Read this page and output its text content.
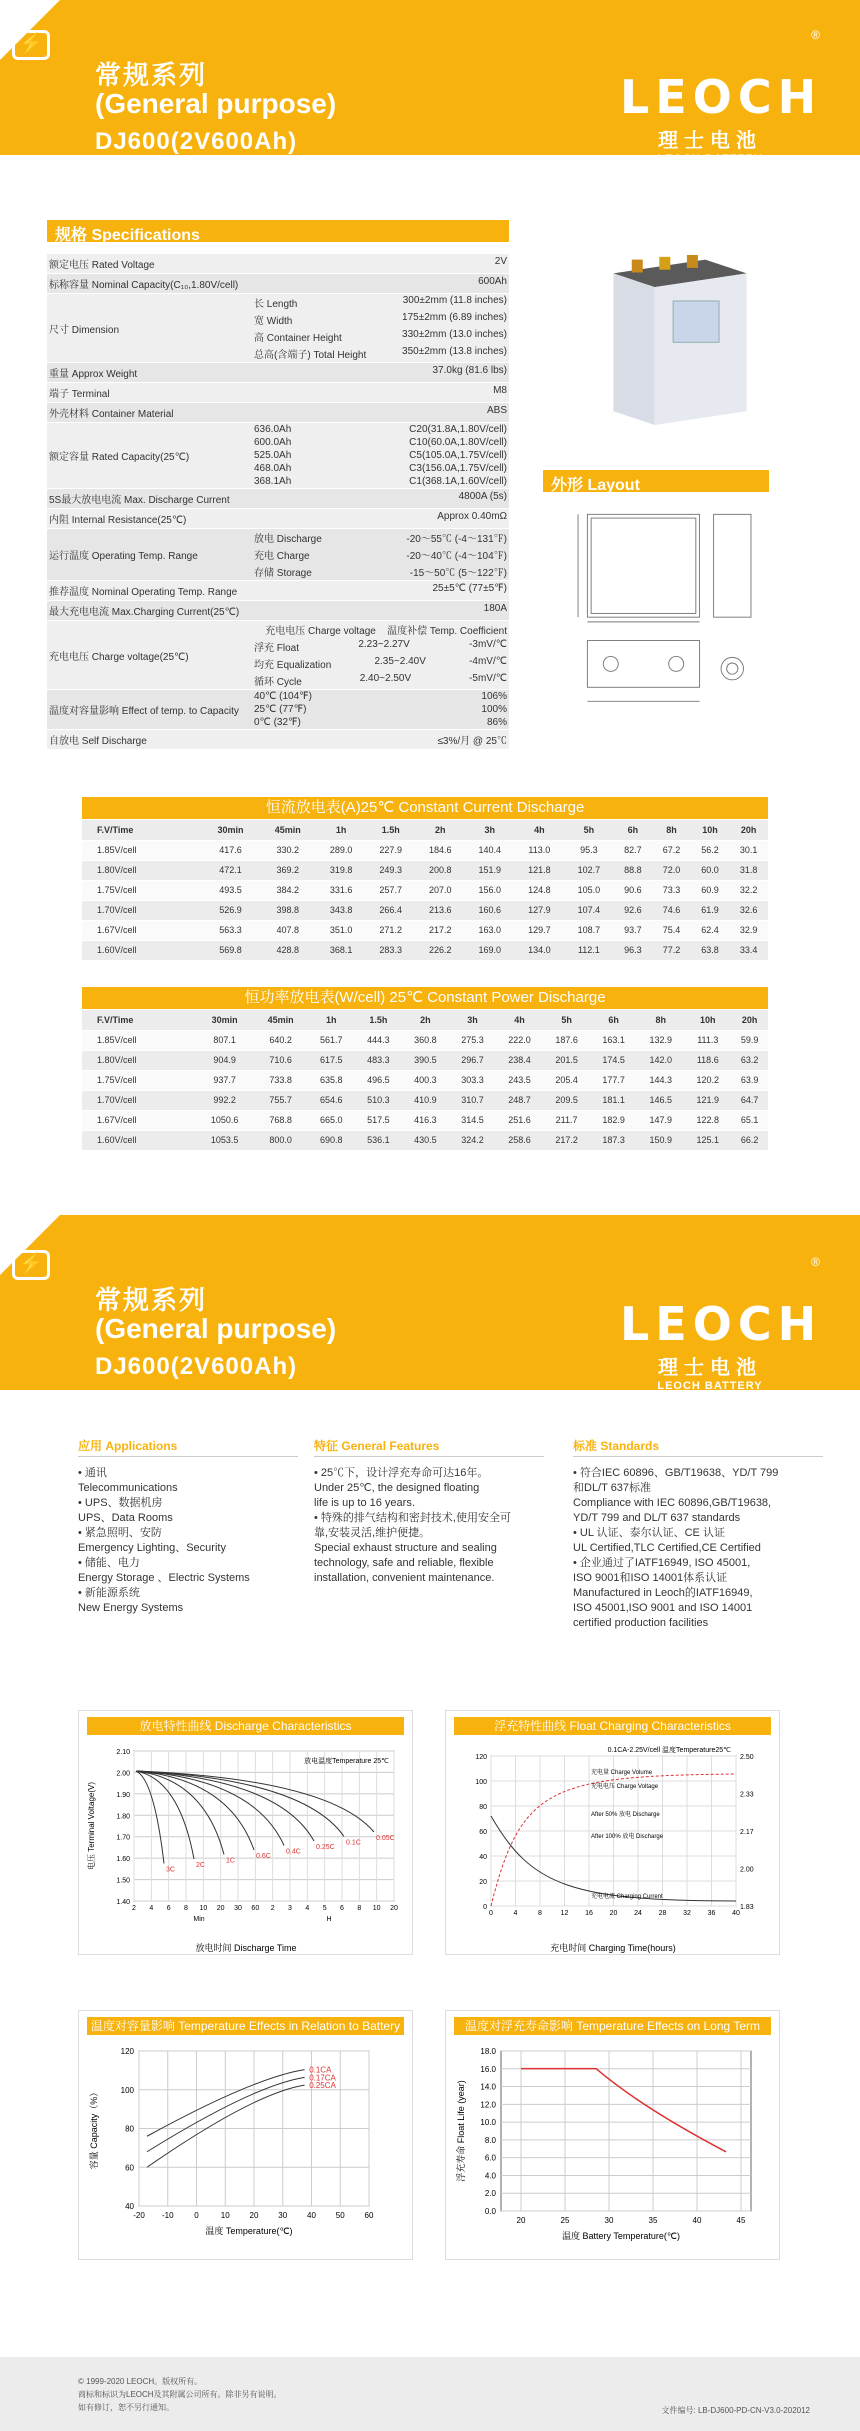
⚡
常规系列
(General purpose)
DJ600(2V600Ah)
®
LEOCH
理士电池
LEOCH BATTERY
规格 Specifications
额定电压 Rated Voltage	2V
标称容量 Nominal Capacity(C₁₀,1.80V/cell)	600Ah
尺寸 Dimension
长 Length	300±2mm (11.8 inches)
宽 Width	175±2mm (6.89 inches)
高 Container Height	330±2mm (13.0 inches)
总高(含端子) Total Height	350±2mm (13.8 inches)
重量 Approx Weight	37.0kg (81.6 lbs)
端子 Terminal	M8
外壳材料 Container Material	ABS
额定容量 Rated Capacity(25℃)
636.0Ah	C20(31.8A,1.80V/cell)
600.0Ah	C10(60.0A,1.80V/cell)
525.0Ah	C5(105.0A,1.75V/cell)
468.0Ah	C3(156.0A,1.75V/cell)
368.1Ah	C1(368.1A,1.60V/cell)
5S最大放电电流 Max. Discharge Current	4800A (5s)
内阻 Internal Resistance(25℃)	Approx 0.40mΩ
运行温度 Operating Temp. Range
放电 Discharge	-20～55℃ (-4～131℉)
充电 Charge	-20～40℃ (-4～104℉)
存储 Storage	-15～50℃ (5～122℉)
推荐温度 Nominal Operating Temp. Range	25±5℃ (77±5℉)
最大充电电流 Max.Charging Current(25℃)	180A
充电电压 Charge voltage(25℃)
充电电压 Charge voltage 温度补偿 Temp. Coefficient
浮充 Float	2.23~2.27V	-3mV/℃
均充 Equalization	2.35~2.40V	-4mV/℃
循环 Cycle	2.40~2.50V	-5mV/℃
温度对容量影响 Effect of temp. to Capacity
40℃ (104℉)	106%
25℃ (77℉)	100%
0℃ (32℉)	86%
自放电 Self Discharge	≤3%/月 @ 25℃
外形 Layout
恒流放电表(A)25℃ Constant Current Discharge
F.V/Time	30min	45min	1h	1.5h	2h	3h	4h	5h	6h	8h	10h	20h
1.85V/cell	417.6	330.2	289.0	227.9	184.6	140.4	113.0	95.3	82.7	67.2	56.2	30.1
1.80V/cell	472.1	369.2	319.8	249.3	200.8	151.9	121.8	102.7	88.8	72.0	60.0	31.8
1.75V/cell	493.5	384.2	331.6	257.7	207.0	156.0	124.8	105.0	90.6	73.3	60.9	32.2
1.70V/cell	526.9	398.8	343.8	266.4	213.6	160.6	127.9	107.4	92.6	74.6	61.9	32.6
1.67V/cell	563.3	407.8	351.0	271.2	217.2	163.0	129.7	108.7	93.7	75.4	62.4	32.9
1.60V/cell	569.8	428.8	368.1	283.3	226.2	169.0	134.0	112.1	96.3	77.2	63.8	33.4
恒功率放电表(W/cell) 25℃ Constant Power Discharge
F.V/Time	30min	45min	1h	1.5h	2h	3h	4h	5h	6h	8h	10h	20h
1.85V/cell	807.1	640.2	561.7	444.3	360.8	275.3	222.0	187.6	163.1	132.9	111.3	59.9
1.80V/cell	904.9	710.6	617.5	483.3	390.5	296.7	238.4	201.5	174.5	142.0	118.6	63.2
1.75V/cell	937.7	733.8	635.8	496.5	400.3	303.3	243.5	205.4	177.7	144.3	120.2	63.9
1.70V/cell	992.2	755.7	654.6	510.3	410.9	310.7	248.7	209.5	181.1	146.5	121.9	64.7
1.67V/cell	1050.6	768.8	665.0	517.5	416.3	314.5	251.6	211.7	182.9	147.9	122.8	65.1
1.60V/cell	1053.5	800.0	690.8	536.1	430.5	324.2	258.6	217.2	187.3	150.9	125.1	66.2
⚡
常规系列
(General purpose)
DJ600(2V600Ah)
®
LEOCH
理士电池
LEOCH BATTERY
应用 Applications
• 通讯
Telecommunications
• UPS、数据机房
UPS、Data Rooms
• 紧急照明、安防
Emergency Lighting、Security
• 储能、电力
Energy Storage 、Electric Systems
• 新能源系统
New Energy Systems
特征 General Features
• 25℃下，设计浮充寿命可达16年。
Under 25℃, the designed floating
life is up to 16 years.
• 特殊的排气结构和密封技术,使用安全可
靠,安装灵活,维护便捷。
Special exhaust structure and sealing
technology, safe and reliable, flexible
installation, convenient maintenance.
标准 Standards
• 符合IEC 60896、GB/T19638、YD/T 799
和DL/T 637标准
Compliance with IEC 60896,GB/T19638,
YD/T 799 and DL/T 637 standards
• UL 认证、泰尔认证、CE 认证
UL Certified,TLC Certified,CE Certified
• 企业通过了IATF16949, ISO 45001,
ISO 9001和ISO 14001体系认证
Manufactured in Leoch的IATF16949,
ISO 45001,ISO 9001 and ISO 14001
certified production facilities
放电特性曲线 Discharge Characteristics
2.10
2.00
1.90
1.80
1.70
1.60
1.50
1.40
2 4 6 8 10 20 30 60 2 3 4 5 6 8 10 20
Min	H
放电温度Temperature 25℃
放电时间 Discharge Time
电压 Terminal Voltage(V)	3C
2C
1C
0.6C
0.4C
0.25C
0.1C
0.05C
浮充特性曲线 Float Charging Characteristics
120
100
80
60
40
20
0
2.50
2.33
2.17
2.00
1.83
0	4	8	12 16 20 24 28 32 36 40
0.1CA-2.25V/cell 温度Temperature25℃
充电时间 Charging Time(hours)
充电量 Charge Volume
充电电压 Charge Voltage
After 50% 放电 Discharge
After 100% 放电 Discharge
充电电流 Charging Current
温度对容量影响 Temperature Effects in Relation to Battery Capacity
120
100
80
60
40
-20 -10	0	10 20 30 40 50 60
温度 Temperature(℃)
容量 Capacity（%）
0.1CA
0.17CA
0.25CA
温度对浮充寿命影响 Temperature Effects on Long Term Float Life
18.0
16.0
14.0
12.0
10.0
8.0
6.0
4.0
2.0
0.0
20	25	30	35	40	45
温度 Battery Temperature(℃)
浮充寿命 Float Life (year)
© 1999-2020 LEOCH。版权所有。
商标和标识为LEOCH及其附属公司所有。除非另有说明。
如有修订，恕不另行通知。	文件编号: LB-DJ600-PD-CN-V3.0-202012
